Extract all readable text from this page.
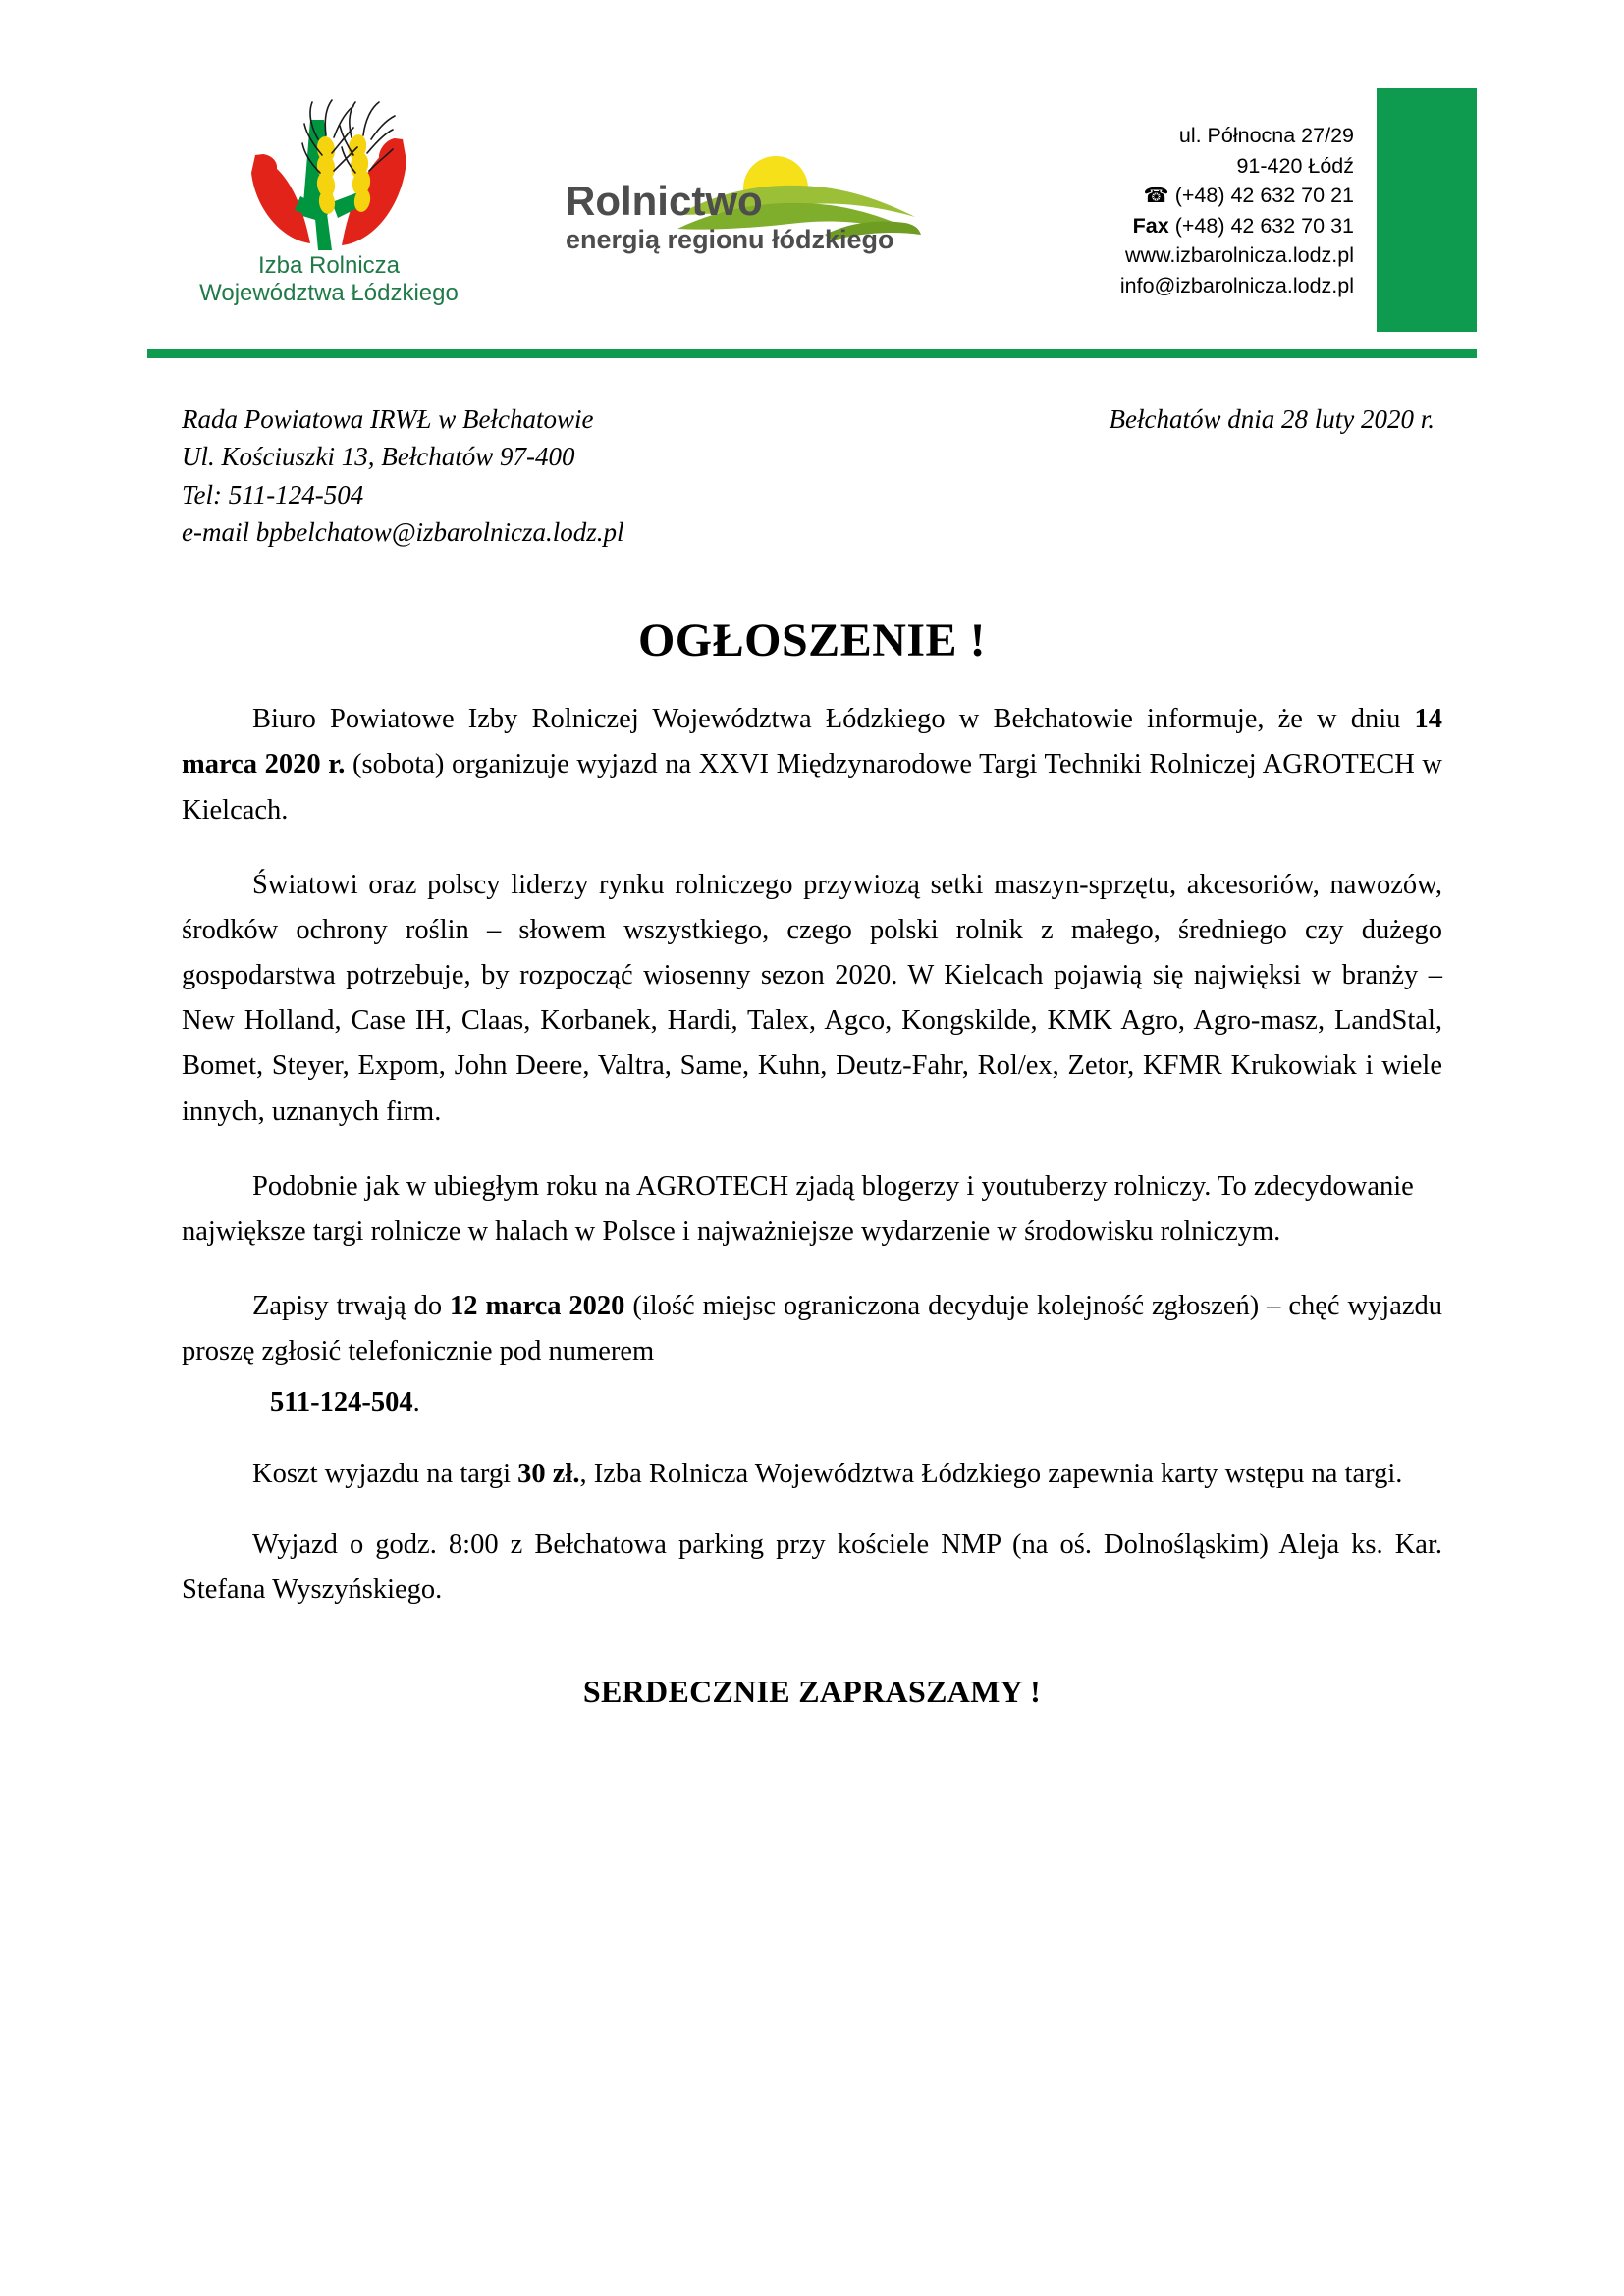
Izba Rolnicza
Województwa Łódzkiego
Rolnictwo
energią regionu łódzkiego
ul. Północna 27/29
91-420 Łódź
☎ (+48) 42 632 70 21
Fax (+48) 42 632 70 31
www.izbarolnicza.lodz.pl
info@izbarolnicza.lodz.pl
Rada Powiatowa IRWŁ w Bełchatowie
Ul. Kościuszki 13, Bełchatów 97-400
Tel: 511-124-504
e-mail bpbelchatow@izbarolnicza.lodz.pl
Bełchatów dnia 28 luty 2020 r.
OGŁOSZENIE !

Biuro Powiatowe Izby Rolniczej Województwa Łódzkiego w Bełchatowie informuje, że w dniu 14 marca 2020 r. (sobota) organizuje wyjazd na XXVI Międzynarodowe Targi Techniki Rolniczej AGROTECH w Kielcach.

Światowi oraz polscy liderzy rynku rolniczego przywiozą setki maszyn-sprzętu, akcesoriów, nawozów, środków ochrony roślin – słowem wszystkiego, czego polski rolnik z małego, średniego czy dużego gospodarstwa potrzebuje, by rozpocząć wiosenny sezon 2020. W Kielcach pojawią się najwięksi w branży – New Holland, Case IH, Claas, Korbanek, Hardi, Talex, Agco, Kongskilde, KMK Agro, Agro-masz, LandStal, Bomet, Steyer, Expom, John Deere, Valtra, Same, Kuhn, Deutz-Fahr, Rol/ex, Zetor, KFMR Krukowiak i wiele innych, uznanych firm.

Podobnie jak w ubiegłym roku na AGROTECH zjadą blogerzy i youtuberzy rolniczy. To zdecydowanie największe targi rolnicze w halach w Polsce i najważniejsze wydarzenie w środowisku rolniczym.

Zapisy trwają do 12 marca 2020 (ilość miejsc ograniczona decyduje kolejność zgłoszeń) – chęć wyjazdu proszę zgłosić telefonicznie pod numerem

511-124-504.

Koszt wyjazdu na targi 30 zł., Izba Rolnicza Województwa Łódzkiego zapewnia karty wstępu na targi.

Wyjazd o godz. 8:00 z Bełchatowa parking przy kościele NMP (na oś. Dolnośląskim) Aleja ks. Kar. Stefana Wyszyńskiego.

SERDECZNIE ZAPRASZAMY !
